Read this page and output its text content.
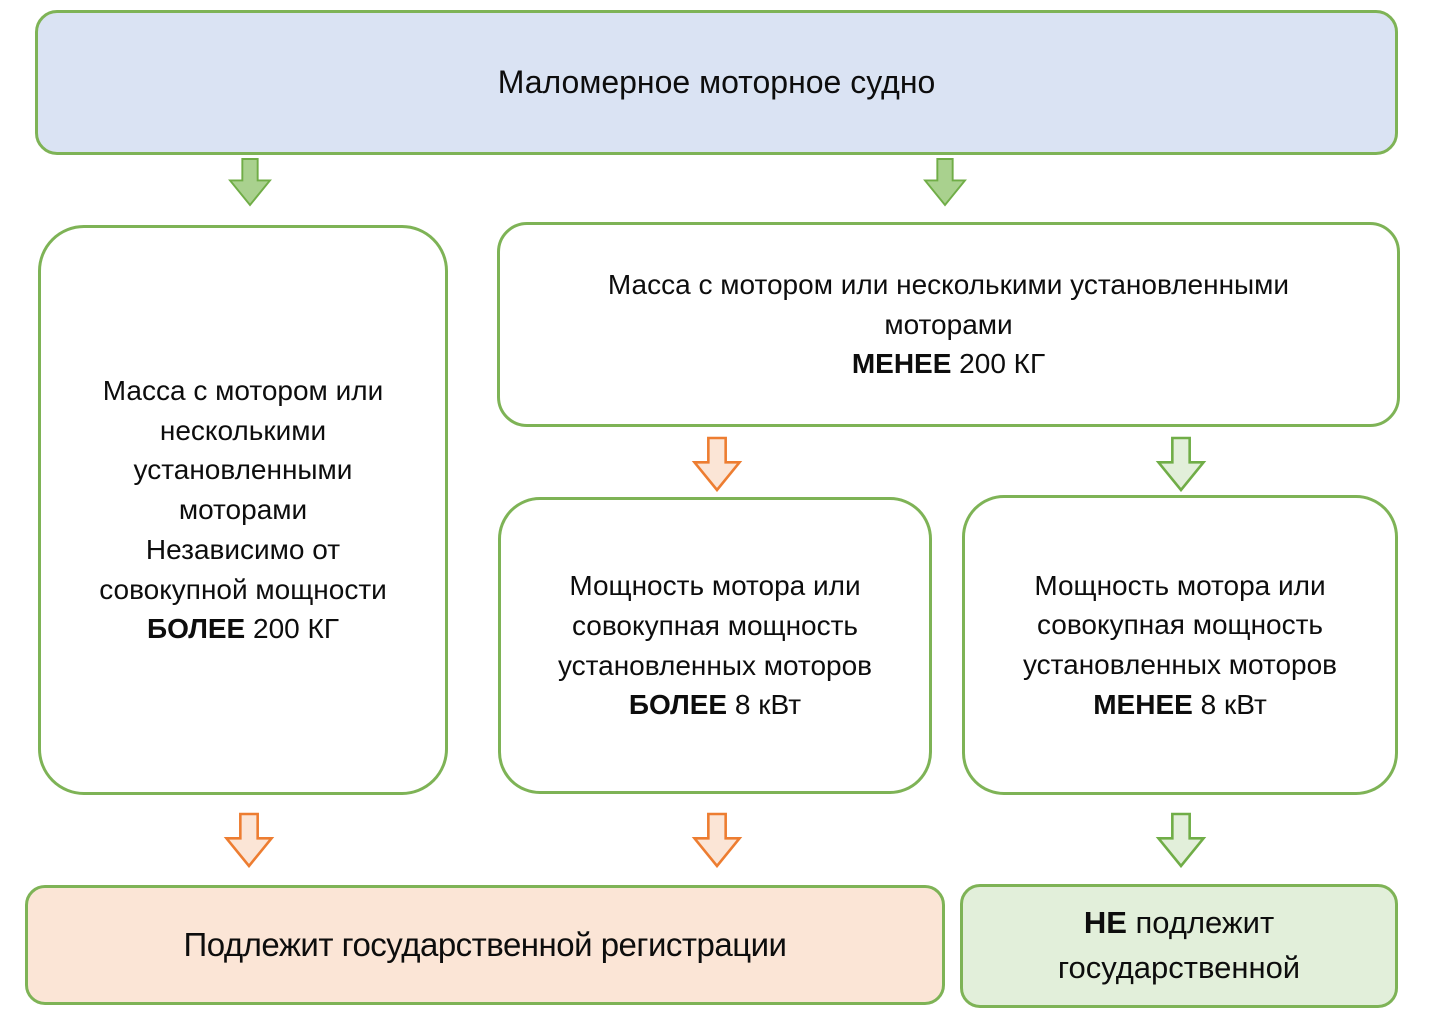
Маломерное моторное судно
Масса с мотором или
несколькими
установленными
моторами
Независимо от
совокупной мощности
БОЛЕЕ 200 КГ
Масса с мотором или несколькими установленными
моторами
МЕНЕЕ 200 КГ
Мощность мотора или
совокупная мощность
установленных моторов
БОЛЕЕ 8 кВт
Мощность мотора или
совокупная мощность
установленных моторов
МЕНЕЕ 8 кВт
Подлежит государственной регистрации
НЕ подлежит
государственной
